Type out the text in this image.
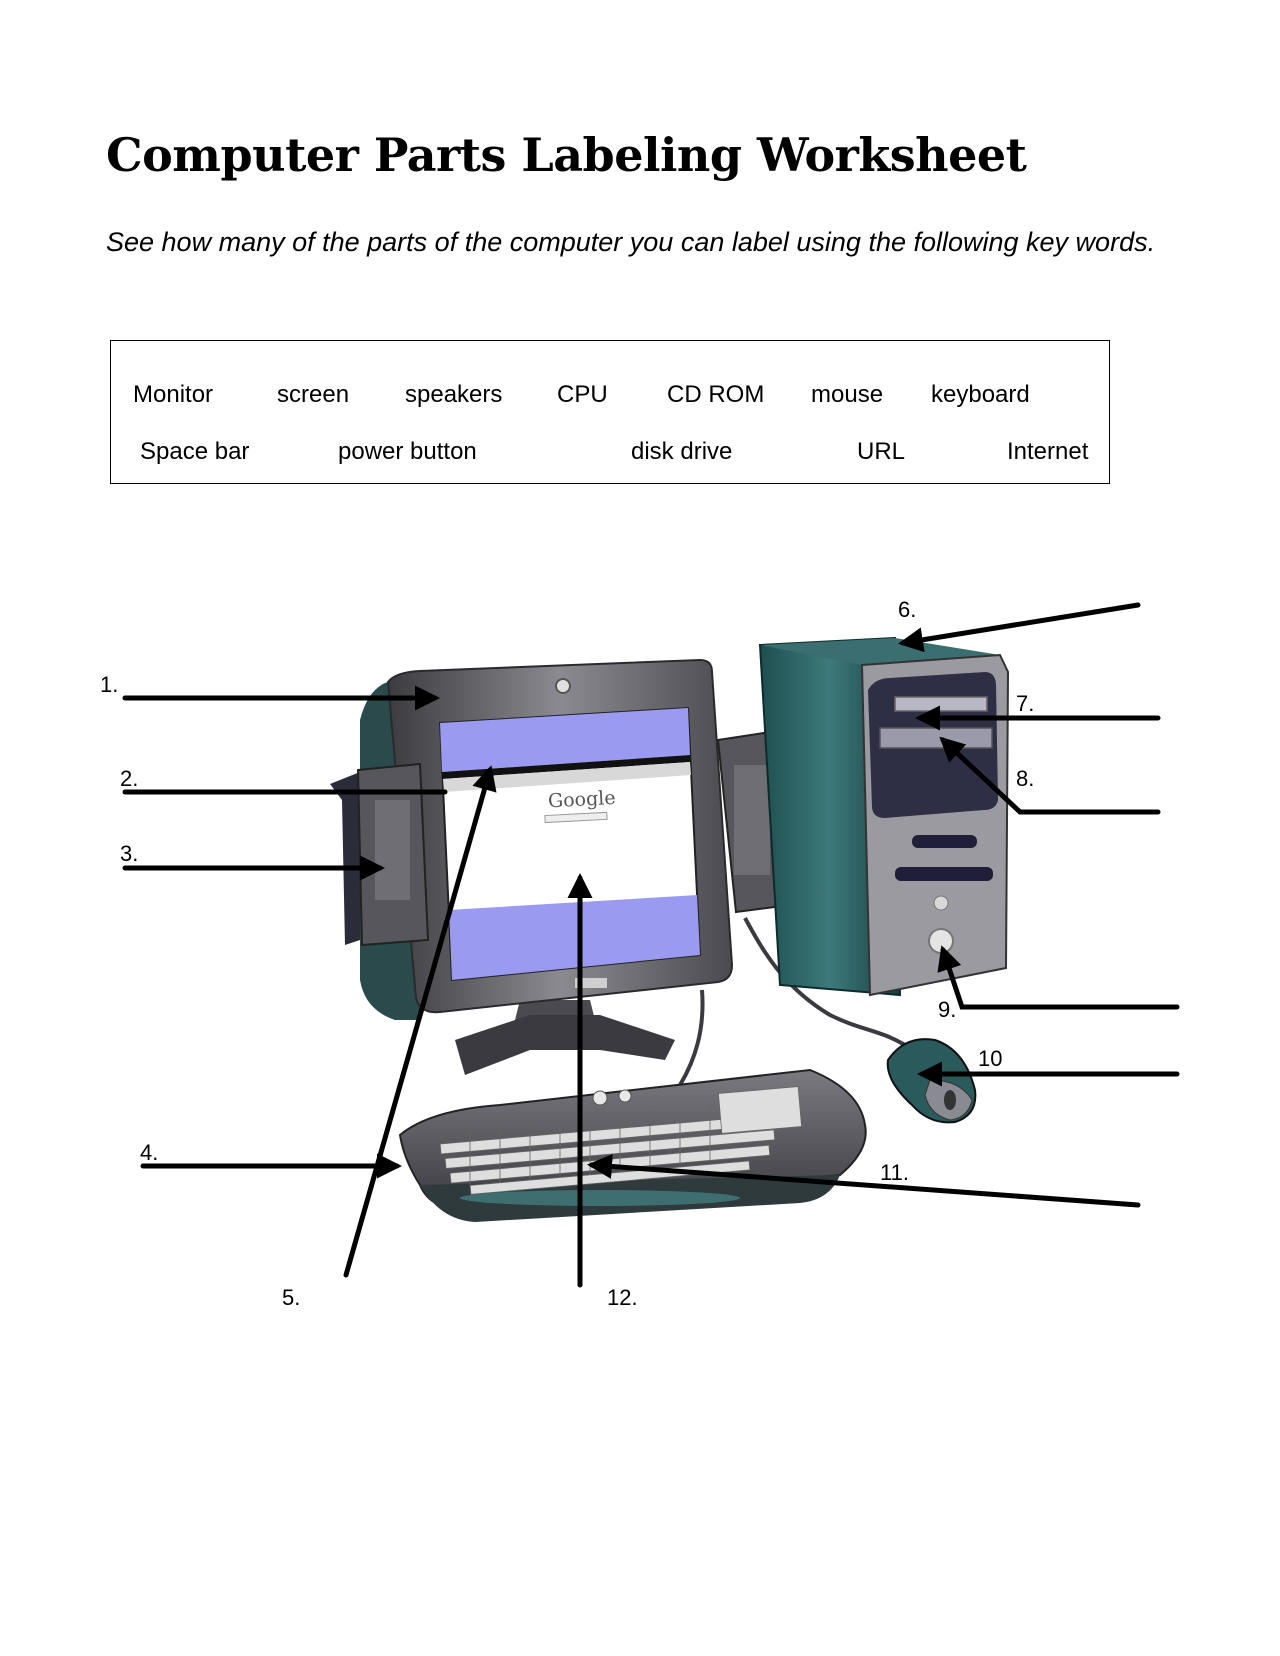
Computer Parts Labeling Worksheet

See how many of the parts of the computer you can label using the following key words.

Monitor	screen speakers CPU CD ROM mouse keyboard
Space bar	power button	disk drive	URL	Internet
Google
1.
2.
3.
4.
5.
6.
7.
8.
9.
10
11.
12.
